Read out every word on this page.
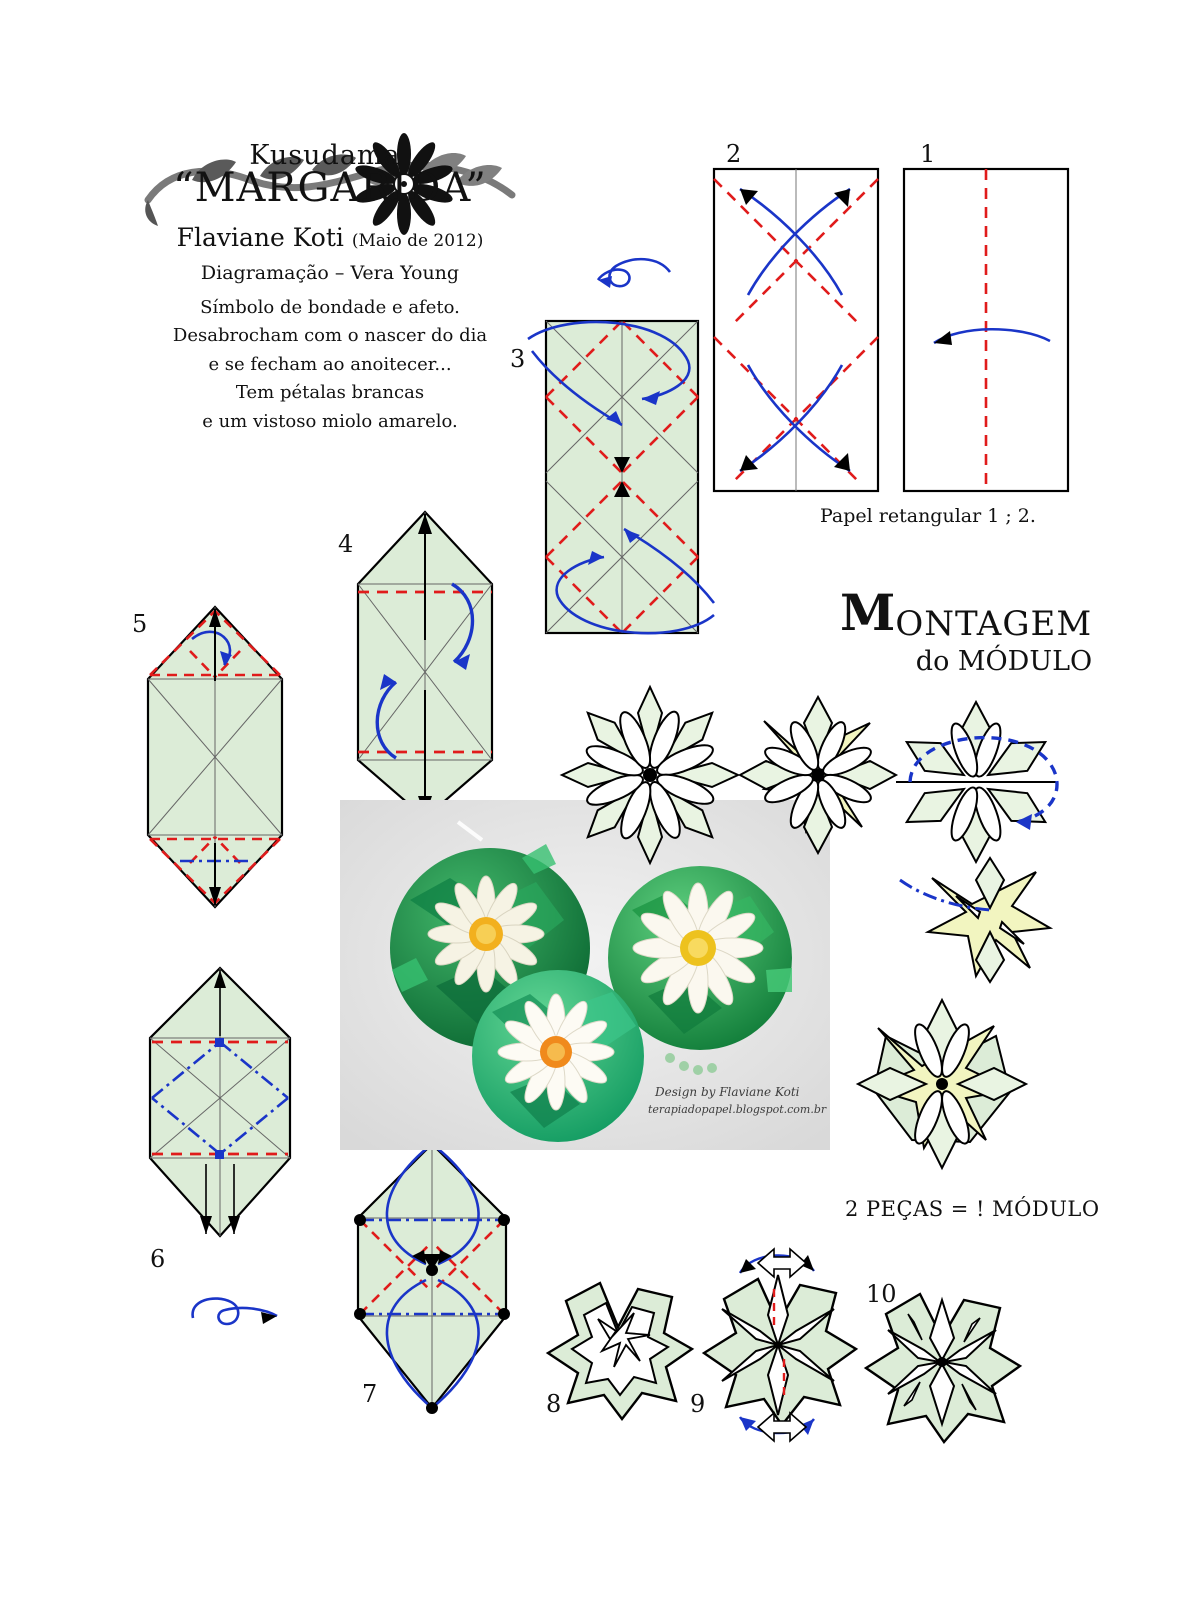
Kusudama
“MARGARIDA”
Flaviane Koti (Maio de 2012)
Diagramação – Vera Young
Símbolo de bondade e afeto.
Desabrocham com o nascer do dia
e se fecham ao anoitecer...
Tem pétalas brancas
e um vistoso miolo amarelo.
1
2
Papel retangular 1 ; 2.
3
4
5
6
7
Design by Flaviane Koti
terapiadopapel.blogspot.com.br
M ONTAGEM
do MÓDULO
2 PEÇAS = ! MÓDULO
8	9
10
